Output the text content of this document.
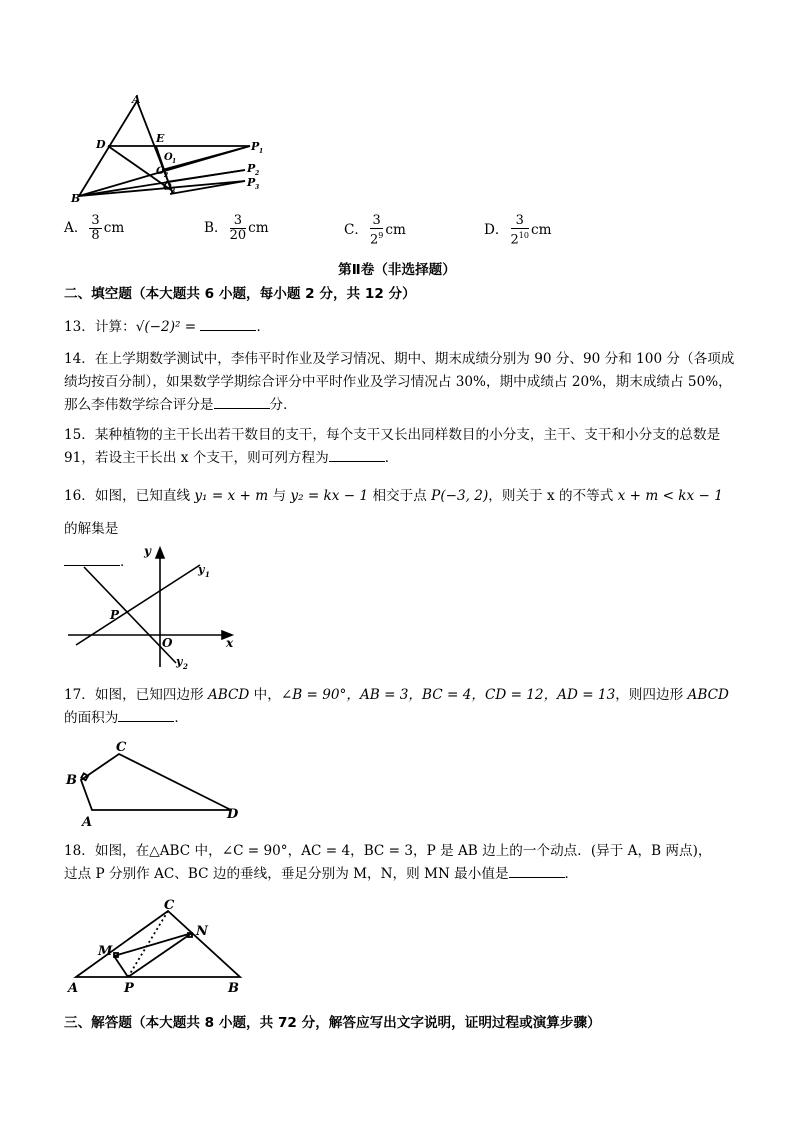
A
D	E
O 1
O 2
O 3
B
P 1
P 2
P 3
A． $\frac{3}{8}$ cm	B． $\frac{3}{20}$ cm	C． $\frac{3}{2^9}$ cm	D． $\frac{3}{2^{10}}$ cm
第Ⅱ卷（非选择题）
二、填空题（本大题共 6 小题，每小题 2 分，共 12 分）
13．计算：√(−2)² =	．
14．在上学期数学测试中，李伟平时作业及学习情况、期中、期末成绩分别为 90 分、90 分和 100 分（各项成绩均按百分制），如果数学学期综合评分中平时作业及学习情况占 30%，期中成绩占 20%，期末成绩占 50%，那么李伟数学综合评分是	分．
15．某种植物的主干长出若干数目的支干，每个支干又长出同样数目的小分支，主干、支干和小分支的总数是 91，若设主干长出 x 个支干，则可列方程为	．
16．如图，已知直线 y₁ = x + m 与 y₂ = kx − 1 相交于点 P(−3, 2)，则关于 x 的不等式 x + m < kx − 1 的解集是
．
y
y 1
P
O	x
y 2
17．如图，已知四边形 ABCD 中，∠B = 90°，AB = 3，BC = 4，CD = 12，AD = 13，则四边形 ABCD
的面积为	．
C
B
D
A
18．如图，在△ABC 中，∠C = 90°，AC = 4，BC = 3，P 是 AB 边上的一个动点．(异于 A，B 两点)，
过点 P 分别作 AC、BC 边的垂线，垂足分别为 M，N，则 MN 最小值是	．
C
N
M
A	P	B
三、解答题（本大题共 8 小题，共 72 分，解答应写出文字说明，证明过程或演算步骤）
